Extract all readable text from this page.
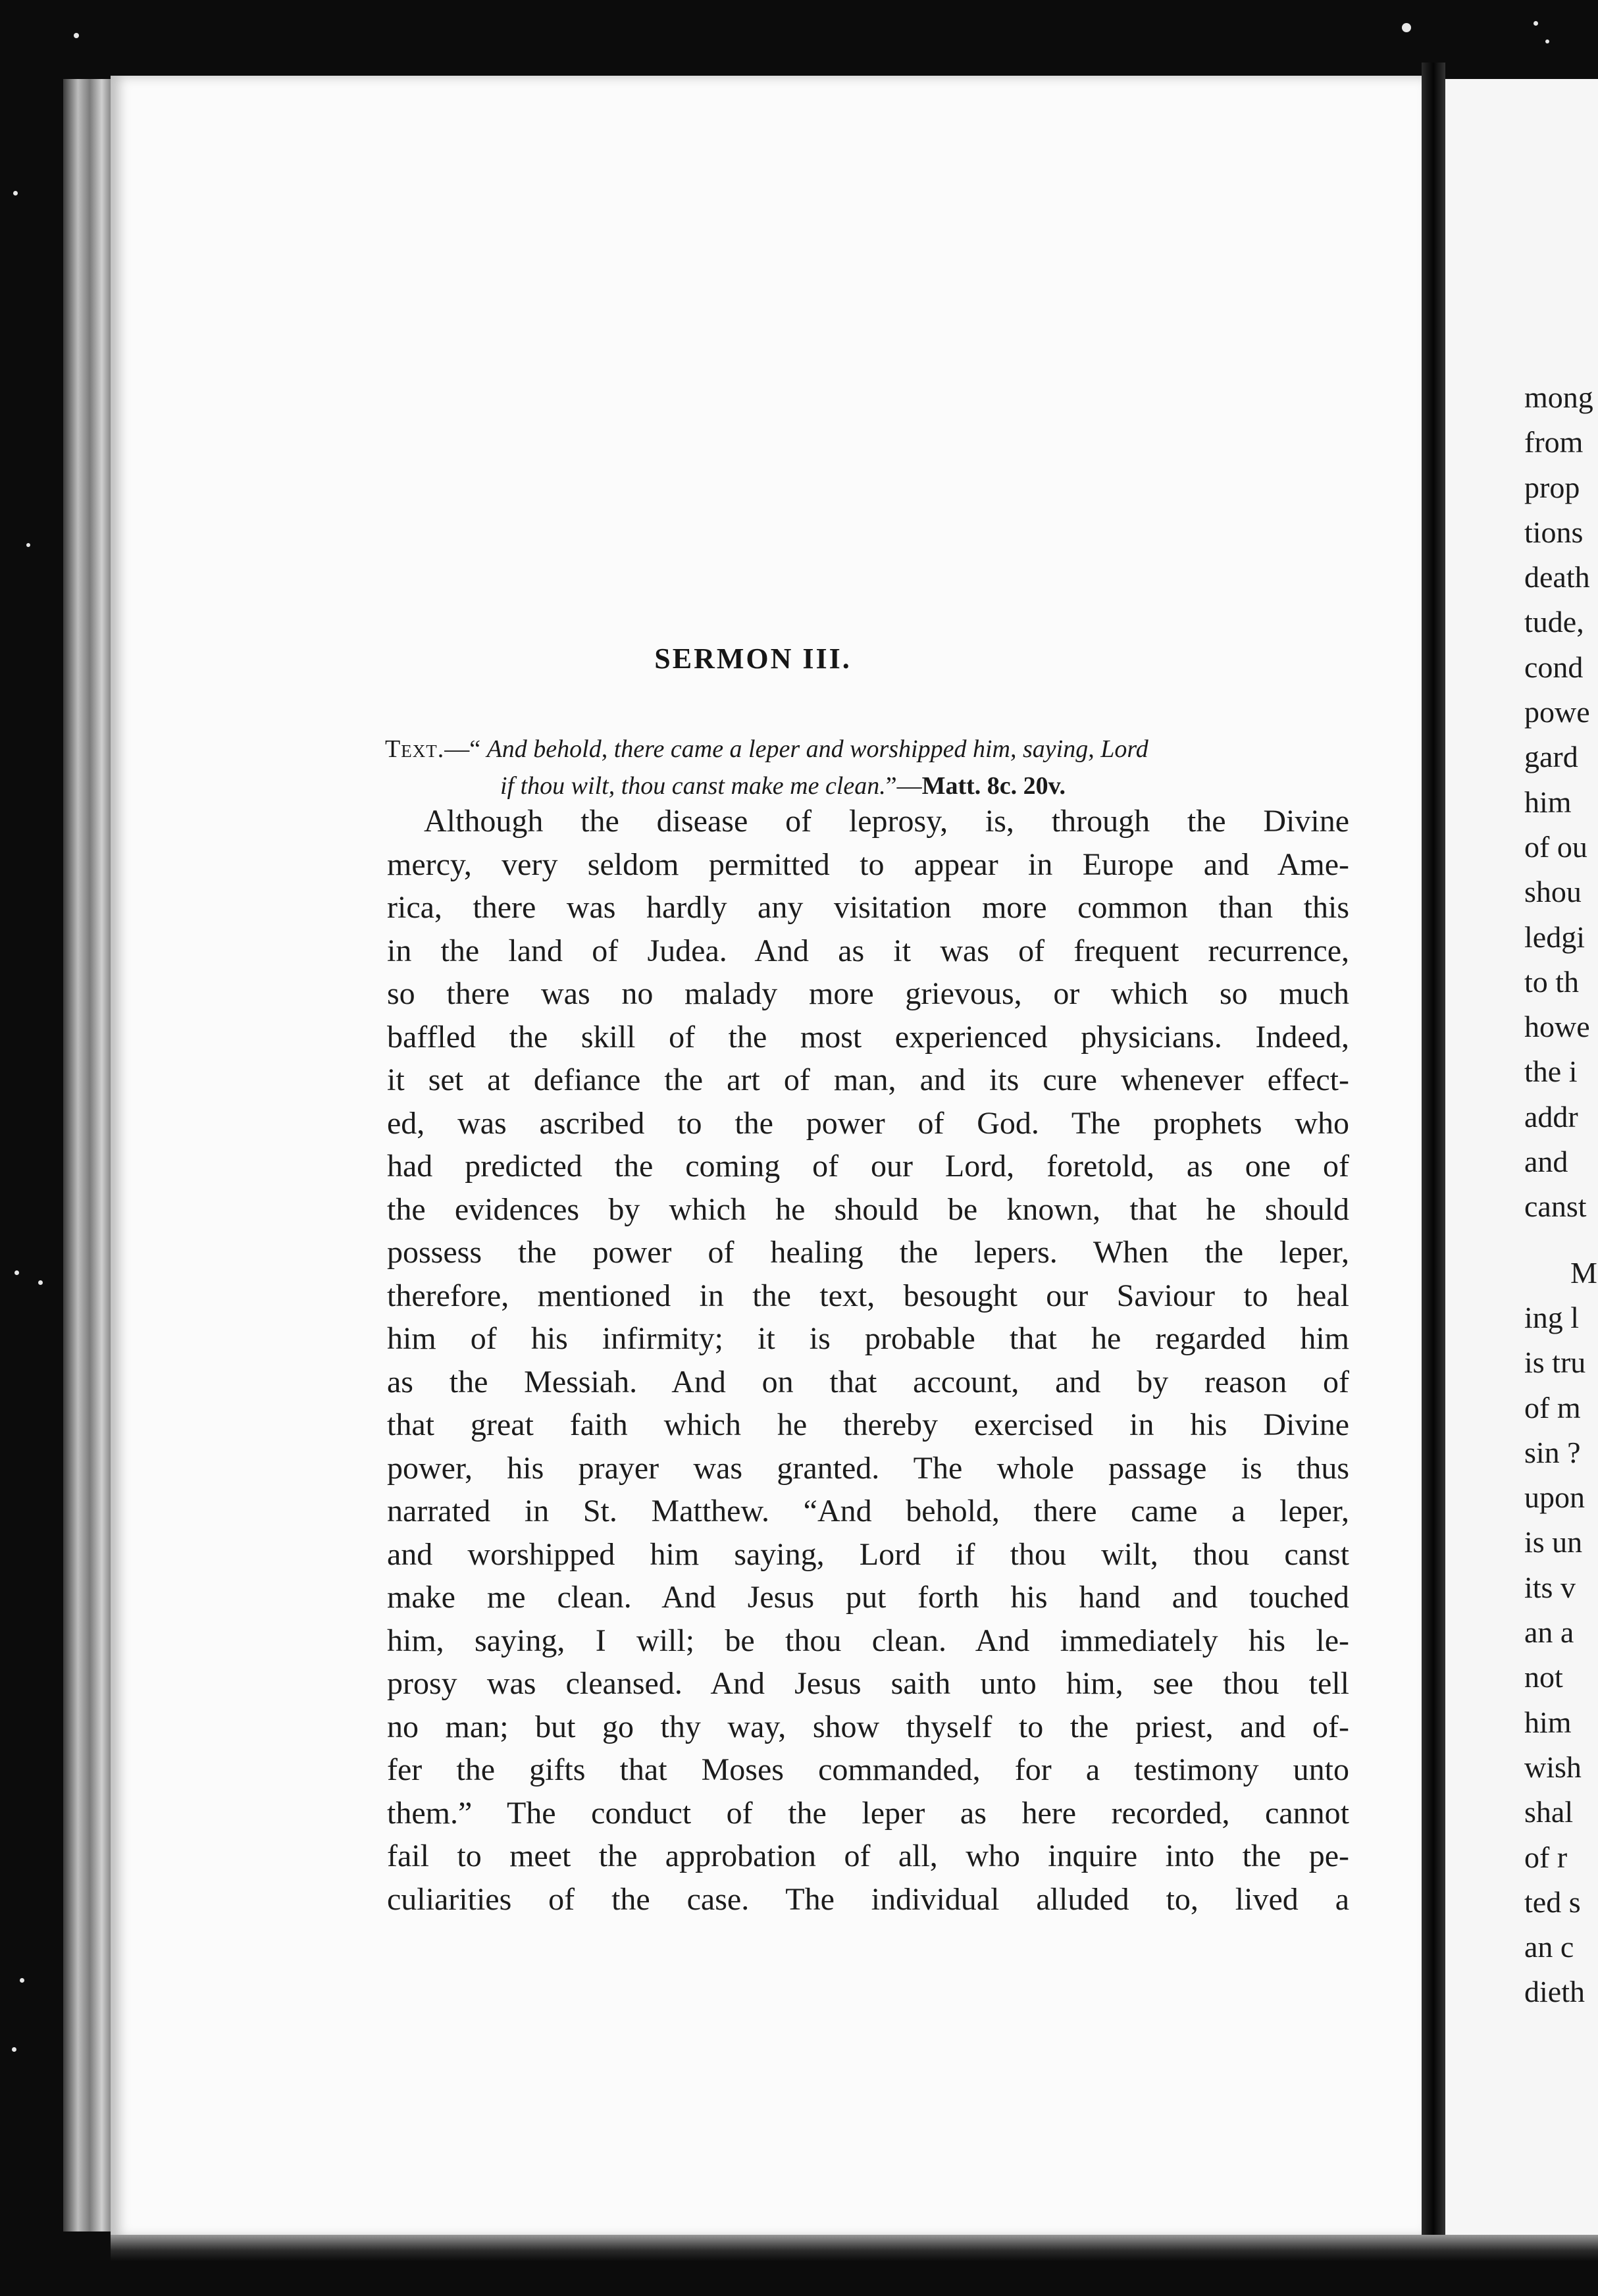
SERMON III.
Text.—“ And behold, there came a leper and worshipped him, saying, Lord
if thou wilt, thou canst make me clean.”—Matt. 8c. 20v.
Although the disease of leprosy, is, through the Divine
mercy, very seldom permitted to appear in Europe and Ame-
rica, there was hardly any visitation more common than this
in the land of Judea. And as it was of frequent recurrence,
so there was no malady more grievous, or which so much
baffled the skill of the most experienced physicians. Indeed,
it set at defiance the art of man, and its cure whenever effect-
ed, was ascribed to the power of God. The prophets who
had predicted the coming of our Lord, foretold, as one of
the evidences by which he should be known, that he should
possess the power of healing the lepers. When the leper,
therefore, mentioned in the text, besought our Saviour to heal
him of his infirmity; it is probable that he regarded him
as the Messiah. And on that account, and by reason of
that great faith which he thereby exercised in his Divine
power, his prayer was granted. The whole passage is thus
narrated in St. Matthew. “And behold, there came a leper,
and worshipped him saying, Lord if thou wilt, thou canst
make me clean. And Jesus put forth his hand and touched
him, saying, I will; be thou clean. And immediately his le-
prosy was cleansed. And Jesus saith unto him, see thou tell
no man; but go thy way, show thyself to the priest, and of-
fer the gifts that Moses commanded, for a testimony unto
them.” The conduct of the leper as here recorded, cannot
fail to meet the approbation of all, who inquire into the pe-
culiarities of the case. The individual alluded to, lived a
mong
from
prop
tions
death
tude,
cond
powe
gard
him
of ou
shou
ledgi
to th
howe
the i
addr
and
canst
M
ing l
is tru
of m
sin ?
upon
is un
its v
an a
not
him
wish
shal
of r
ted s
an c
dieth
